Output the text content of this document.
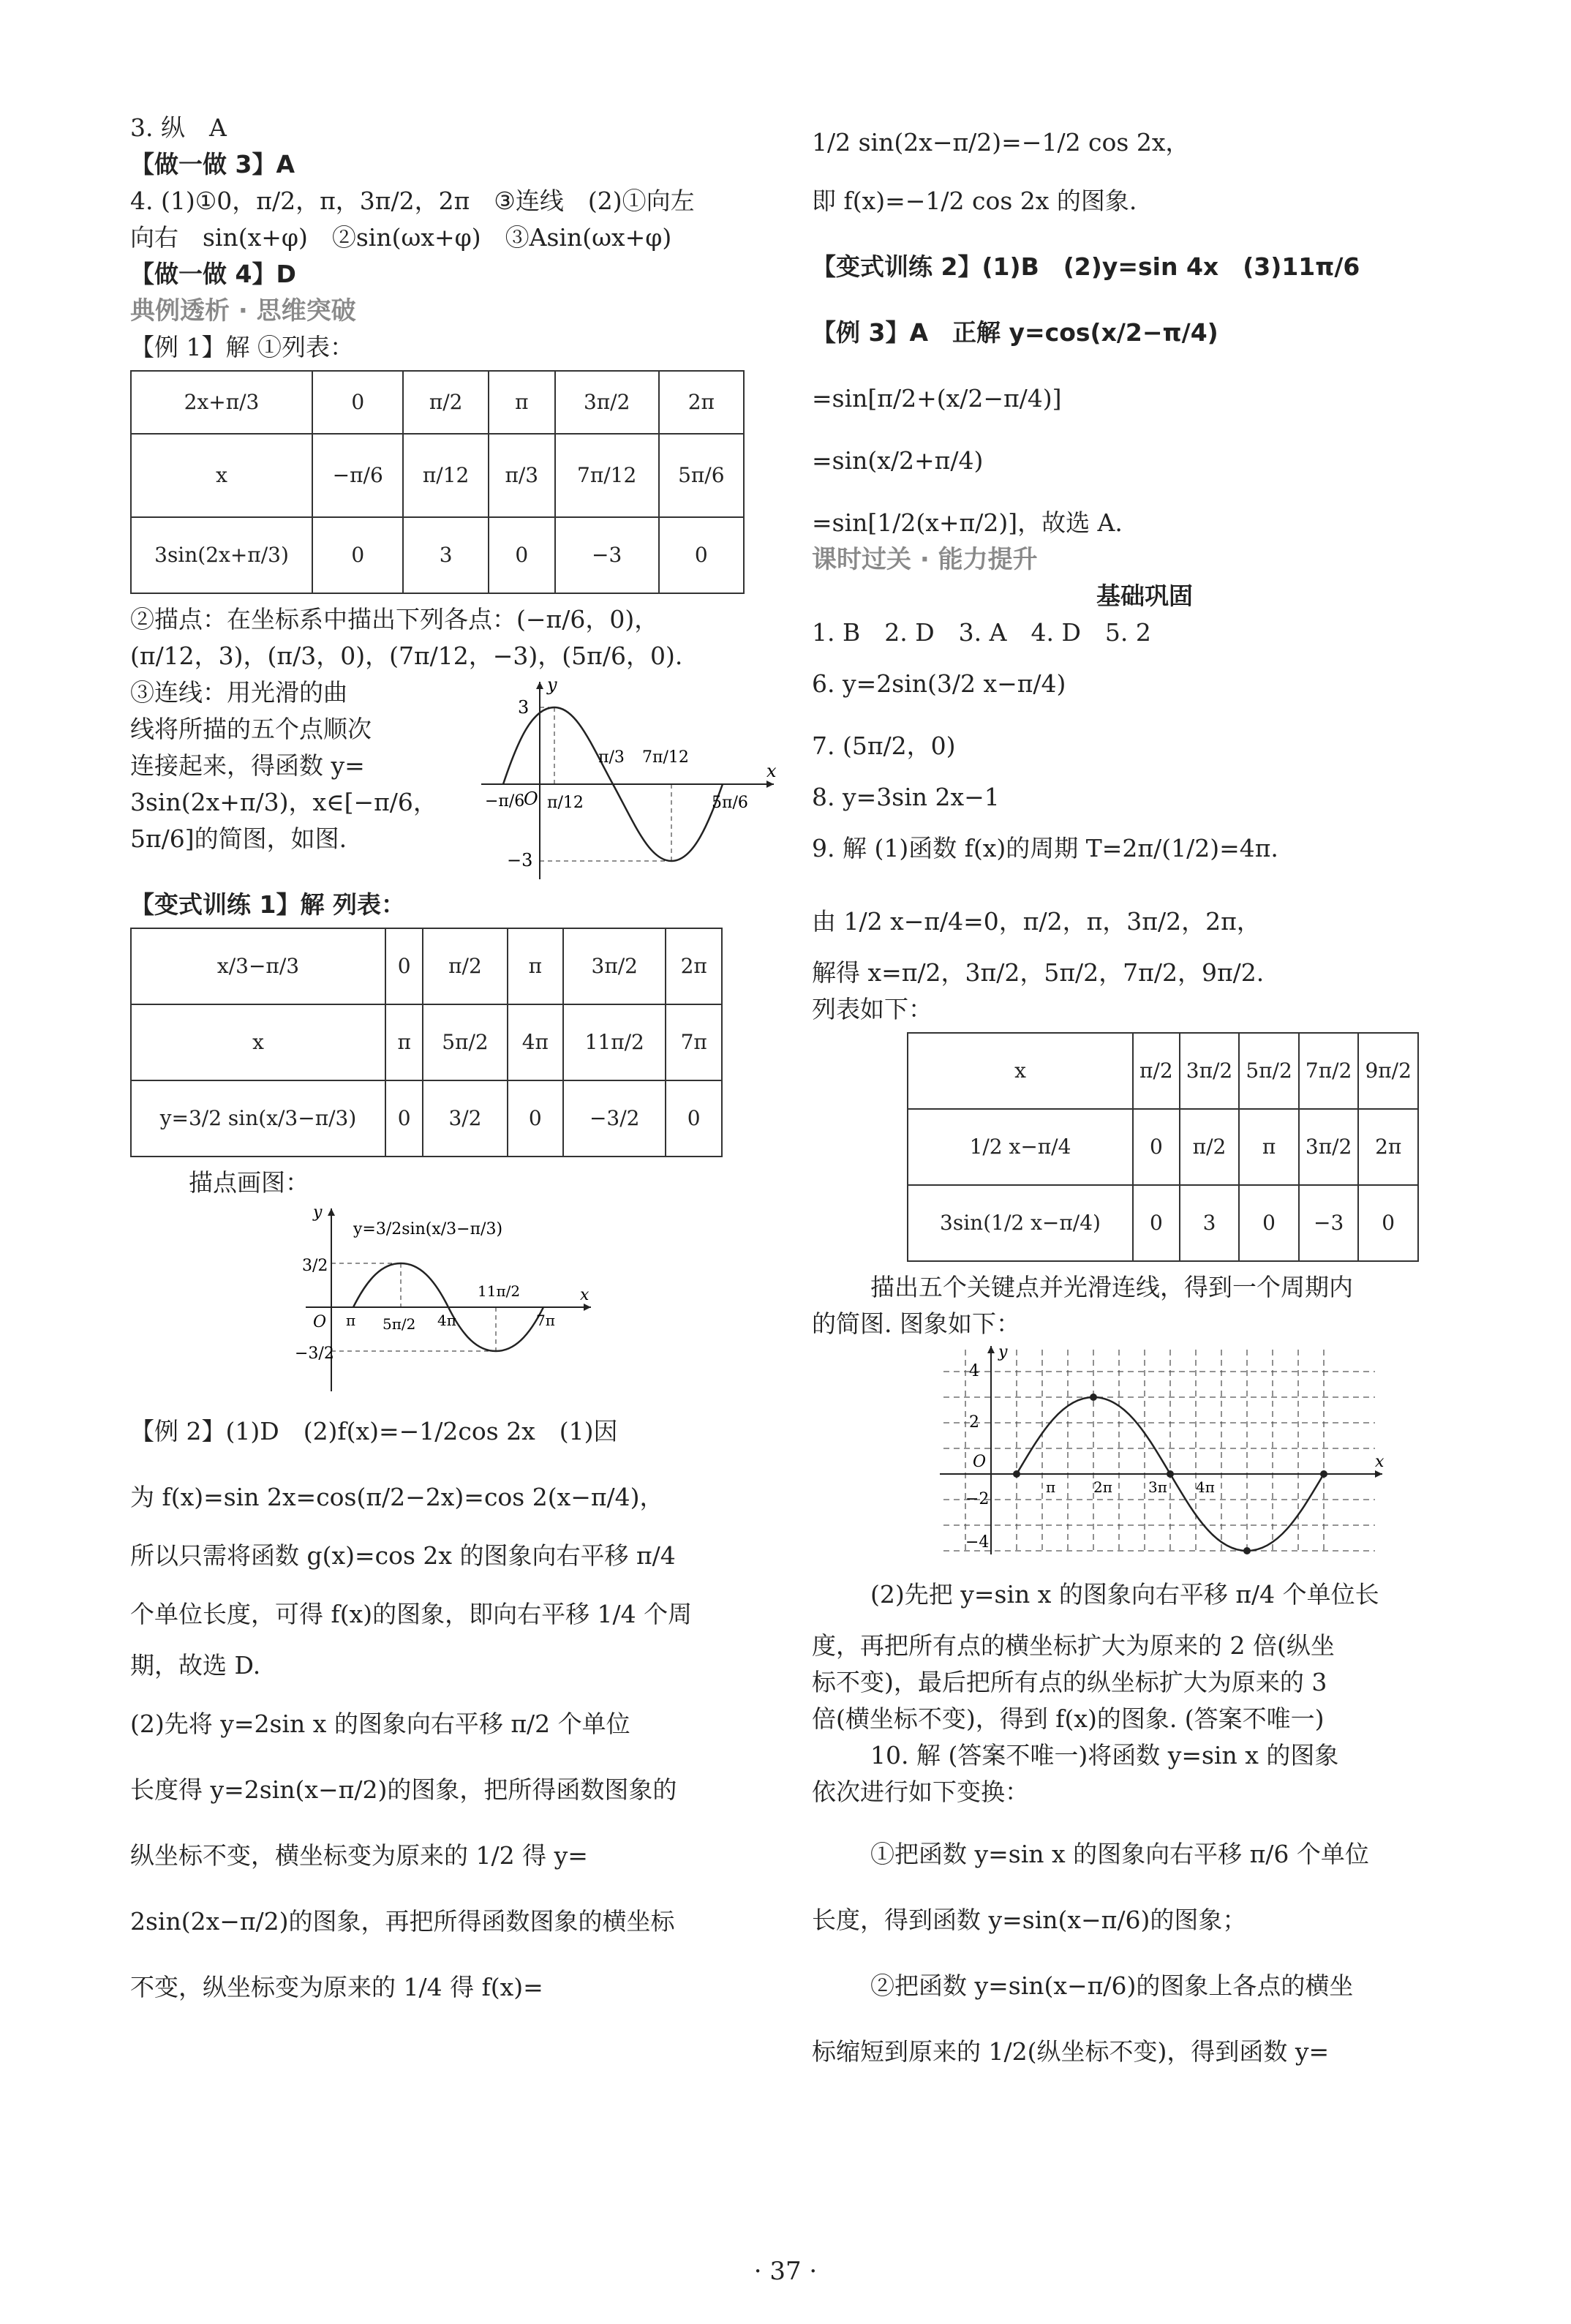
3. 纵　A
【做一做 3】A
4. (1)①0，π/2，π，3π/2，2π　③连线　(2)①向左
向右　sin(x+φ)　②sin(ωx+φ)　③Asin(ωx+φ)
【做一做 4】D
典例透析 · 思维突破
【例 1】解 ①列表：
2x+π/3	0	π/2	π	3π/2	2π
x	−π/6	π/12	π/3	7π/12	5π/6
3sin(2x+π/3)	0	3	0	−3	0
②描点：在坐标系中描出下列各点：(−π/6，0)，
(π/12，3)，(π/3，0)，(7π/12，−3)，(5π/6，0).
③连线：用光滑的曲
线将所描的五个点顺次
连接起来，得函数 y=
3sin(2x+π/3)，x∈[−π/6，
5π/6]的简图，如图.
3
−3
O
x
y
−π/6 π/12
π/3 7π/12
5π/6
【变式训练 1】解 列表：
x/3−π/3	0	π/2	π	3π/2	2π
x	π	5π/2	4π	11π/2	7π
y=3/2 sin(x/3−π/3)	0	3/2	0	−3/2	0
描点画图：
y=3/2sin(x/3−π/3)
3/2
−3/2
O
x
y
π 5π/2 4π
11π/2
7π
【例 2】(1)D　(2)f(x)=−1/2cos 2x　(1)因
为 f(x)=sin 2x=cos(π/2−2x)=cos 2(x−π/4)，
所以只需将函数 g(x)=cos 2x 的图象向右平移 π/4
个单位长度，可得 f(x)的图象，即向右平移 1/4 个周
期，故选 D.
(2)先将 y=2sin x 的图象向右平移 π/2 个单位
长度得 y=2sin(x−π/2)的图象，把所得函数图象的
纵坐标不变，横坐标变为原来的 1/2 得 y=
2sin(2x−π/2)的图象，再把所得函数图象的横坐标
不变，纵坐标变为原来的 1/4 得 f(x)=
1/2 sin(2x−π/2)=−1/2 cos 2x，
即 f(x)=−1/2 cos 2x 的图象.
【变式训练 2】(1)B　(2)y=sin 4x　(3)11π/6
【例 3】A　正解 y=cos(x/2−π/4)
=sin[π/2+(x/2−π/4)]
=sin(x/2+π/4)
=sin[1/2(x+π/2)]，故选 A.
课时过关 · 能力提升
基础巩固
1. B　2. D　3. A　4. D　5. 2
6. y=2sin(3/2 x−π/4)
7. (5π/2，0)
8. y=3sin 2x−1
9. 解 (1)函数 f(x)的周期 T=2π/(1/2)=4π.
由 1/2 x−π/4=0，π/2，π，3π/2，2π，
解得 x=π/2，3π/2，5π/2，7π/2，9π/2.
列表如下：
x	π/2	3π/2	5π/2	7π/2	9π/2
1/2 x−π/4	0	π/2	π	3π/2	2π
3sin(1/2 x−π/4)	0	3	0	−3	0
描出五个关键点并光滑连线，得到一个周期内
的简图. 图象如下：
4
2
−2
−4
O	x
y
π	2π 3π 4π
(2)先把 y=sin x 的图象向右平移 π/4 个单位长
度，再把所有点的横坐标扩大为原来的 2 倍(纵坐
标不变)，最后把所有点的纵坐标扩大为原来的 3
倍(横坐标不变)，得到 f(x)的图象. (答案不唯一)
10. 解 (答案不唯一)将函数 y=sin x 的图象
依次进行如下变换：
①把函数 y=sin x 的图象向右平移 π/6 个单位
长度，得到函数 y=sin(x−π/6)的图象；
②把函数 y=sin(x−π/6)的图象上各点的横坐
标缩短到原来的 1/2(纵坐标不变)，得到函数 y=
· 37 ·
